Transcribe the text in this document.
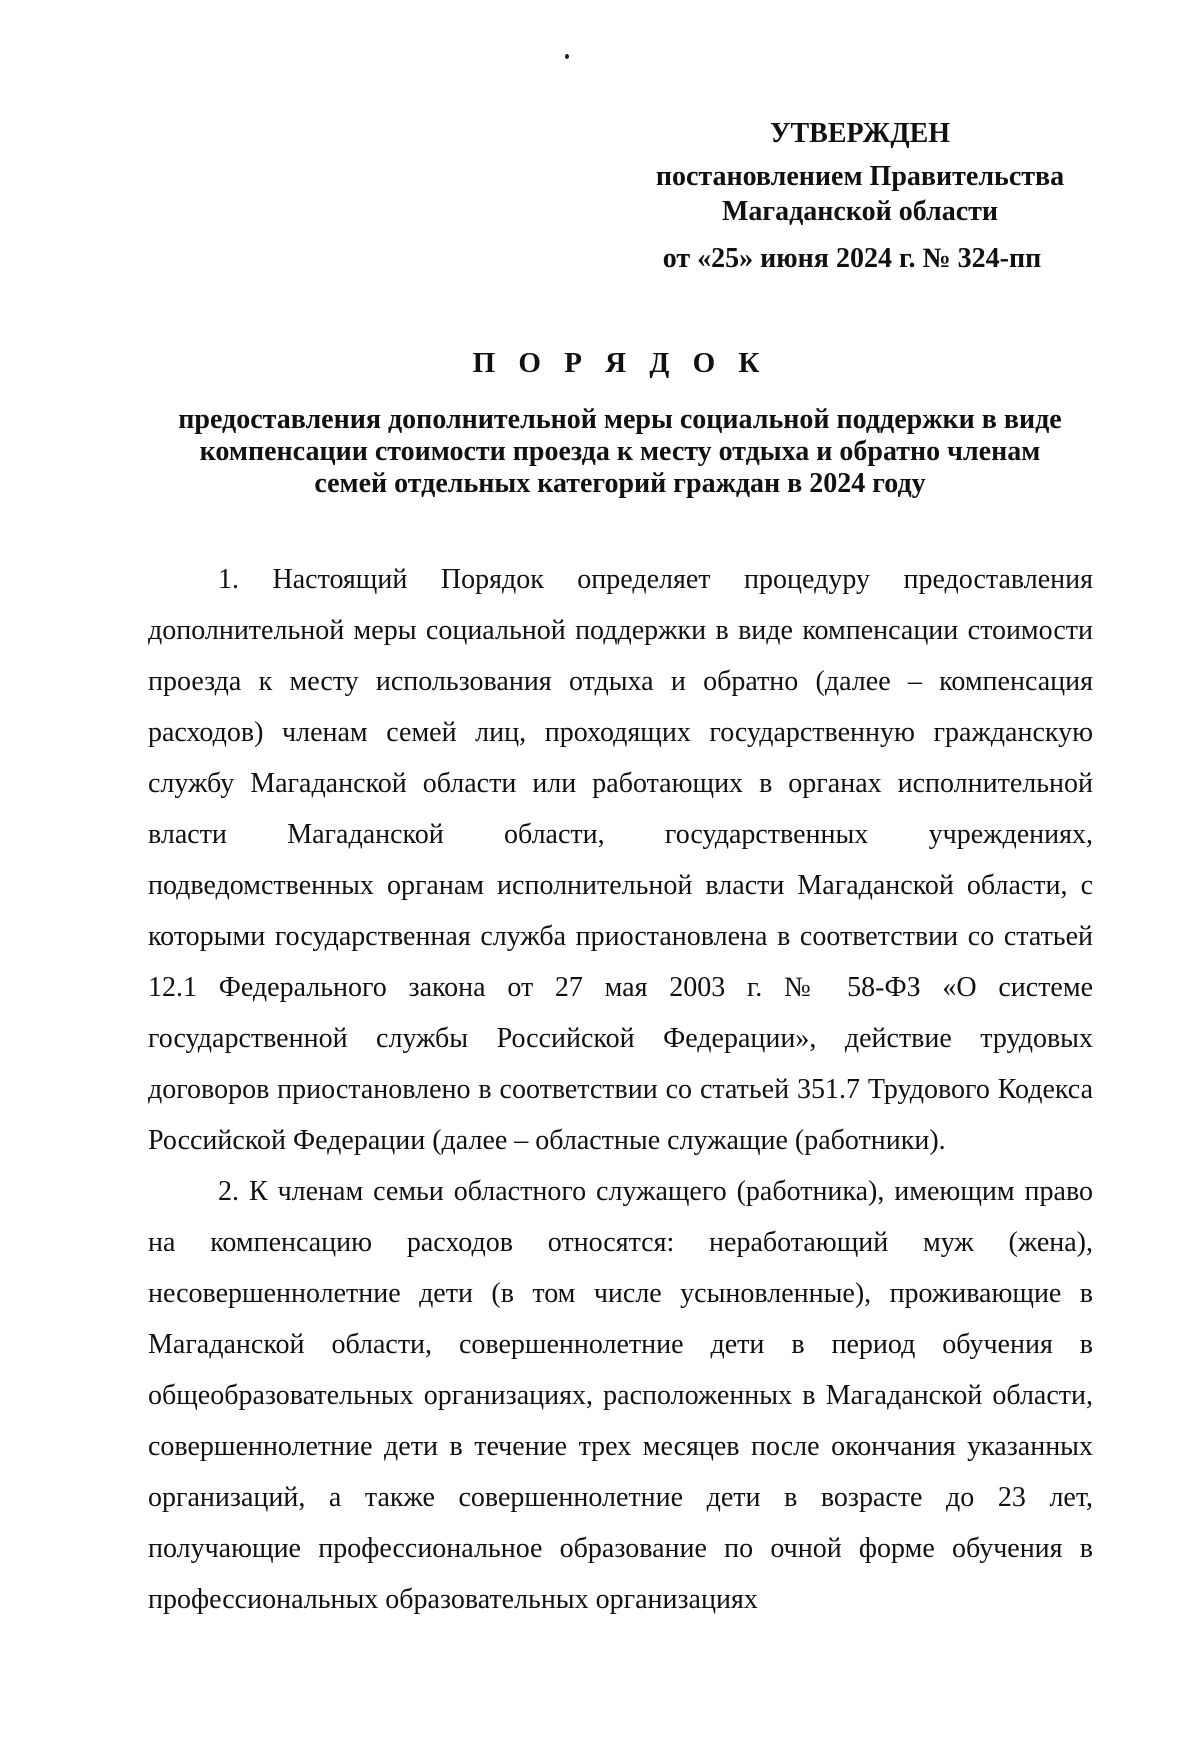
УТВЕРЖДЕН
постановлением Правительства
Магаданской области
от «25» июня 2024 г. № 324-пп
П О Р Я Д О К
предоставления дополнительной меры социальной поддержки в виде
компенсации стоимости проезда к месту отдыха и обратно членам
семей отдельных категорий граждан в 2024 году

1. Настоящий Порядок определяет процедуру предоставления дополнительной меры социальной поддержки в виде компенсации стоимости проезда к месту использования отдыха и обратно (далее – компенсация расходов) членам семей лиц, проходящих государственную гражданскую службу Магаданской области или работающих в органах исполнительной власти Магаданской области, государственных учреждениях, подведомственных органам исполнительной власти Магаданской области, с которыми государственная служба приостановлена в соответствии со статьей 12.1 Федерального закона от 27 мая 2003 г. № 58-ФЗ «О системе государственной службы Российской Федерации», действие трудовых договоров приостановлено в соответствии со статьей 351.7 Трудового Кодекса Российской Федерации (далее – областные служащие (работники).

2. К членам семьи областного служащего (работника), имеющим право на компенсацию расходов относятся: неработающий муж (жена), несовершеннолетние дети (в том числе усыновленные), проживающие в Магаданской области, совершеннолетние дети в период обучения в общеобразовательных организациях, расположенных в Магаданской области, совершеннолетние дети в течение трех месяцев после окончания указанных организаций, а также совершеннолетние дети в возрасте до 23 лет, получающие профессиональное образование по очной форме обучения в профессиональных образовательных организациях
